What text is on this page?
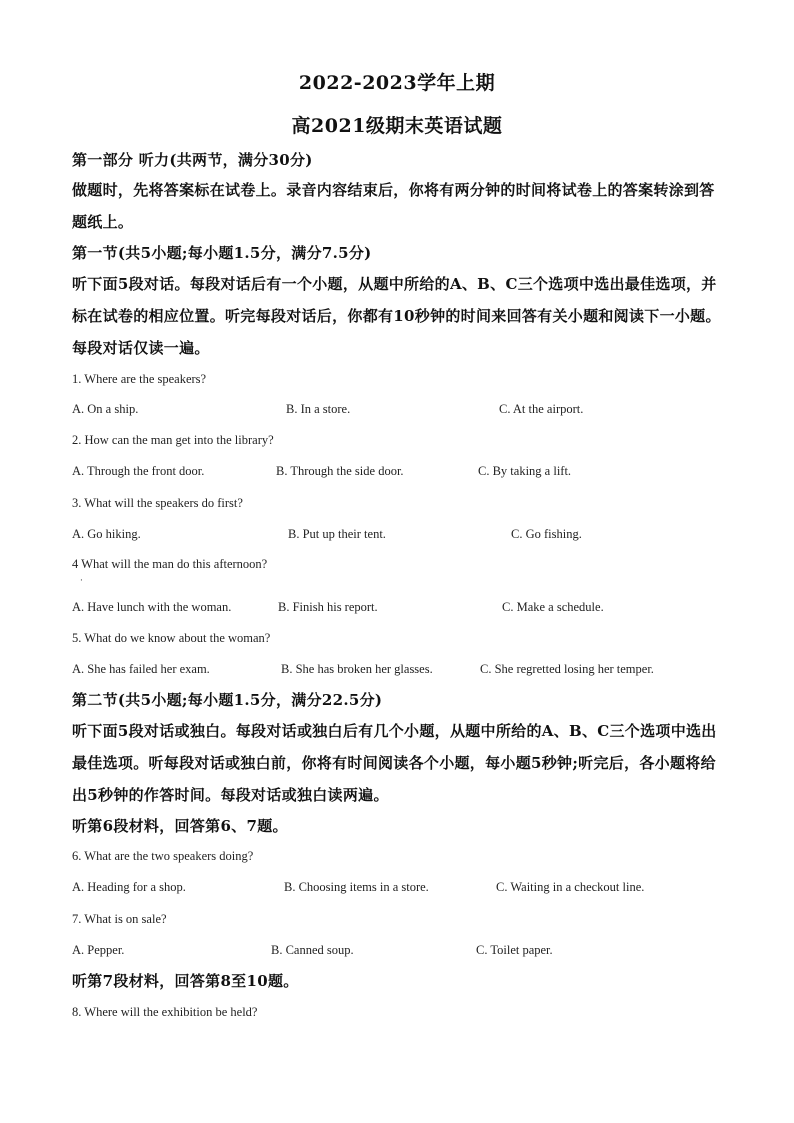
2022-2023学年上期
高2021级期末英语试题
第一部分 听力(共两节，满分30分)
做题时，先将答案标在试卷上。录音内容结束后，你将有两分钟的时间将试卷上的答案转涂到答题纸上。
第一节(共5小题;每小题1.5分，满分7.5分)
听下面5段对话。每段对话后有一个小题，从题中所给的A、B、C三个选项中选出最佳选项，并标在试卷的相应位置。听完每段对话后，你都有10秒钟的时间来回答有关小题和阅读下一小题。每段对话仅读一遍。
1. Where are the speakers?
A. On a ship.	B. In a store.	C. At the airport.
2. How can the man get into the library?
A. Through the front door.	B. Through the side door.	C. By taking a lift.
3. What will the speakers do first?
A. Go hiking.	B. Put up their tent.	C. Go fishing.
4 What will the man do this afternoon?
·
A. Have lunch with the woman.	B. Finish his report.	C. Make a schedule.
5. What do we know about the woman?
A. She has failed her exam.	B. She has broken her glasses.	C. She regretted losing her temper.
第二节(共5小题;每小题1.5分，满分22.5分)
听下面5段对话或独白。每段对话或独白后有几个小题，从题中所给的A、B、C三个选项中选出最佳选项。听每段对话或独白前，你将有时间阅读各个小题，每小题5秒钟;听完后，各小题将给出5秒钟的作答时间。每段对话或独白读两遍。
听第6段材料，回答第6、7题。
6. What are the two speakers doing?
A. Heading for a shop.	B. Choosing items in a store.	C. Waiting in a checkout line.
7. What is on sale?
A. Pepper.	B. Canned soup.	C. Toilet paper.
听第7段材料，回答第8至10题。
8. Where will the exhibition be held?
